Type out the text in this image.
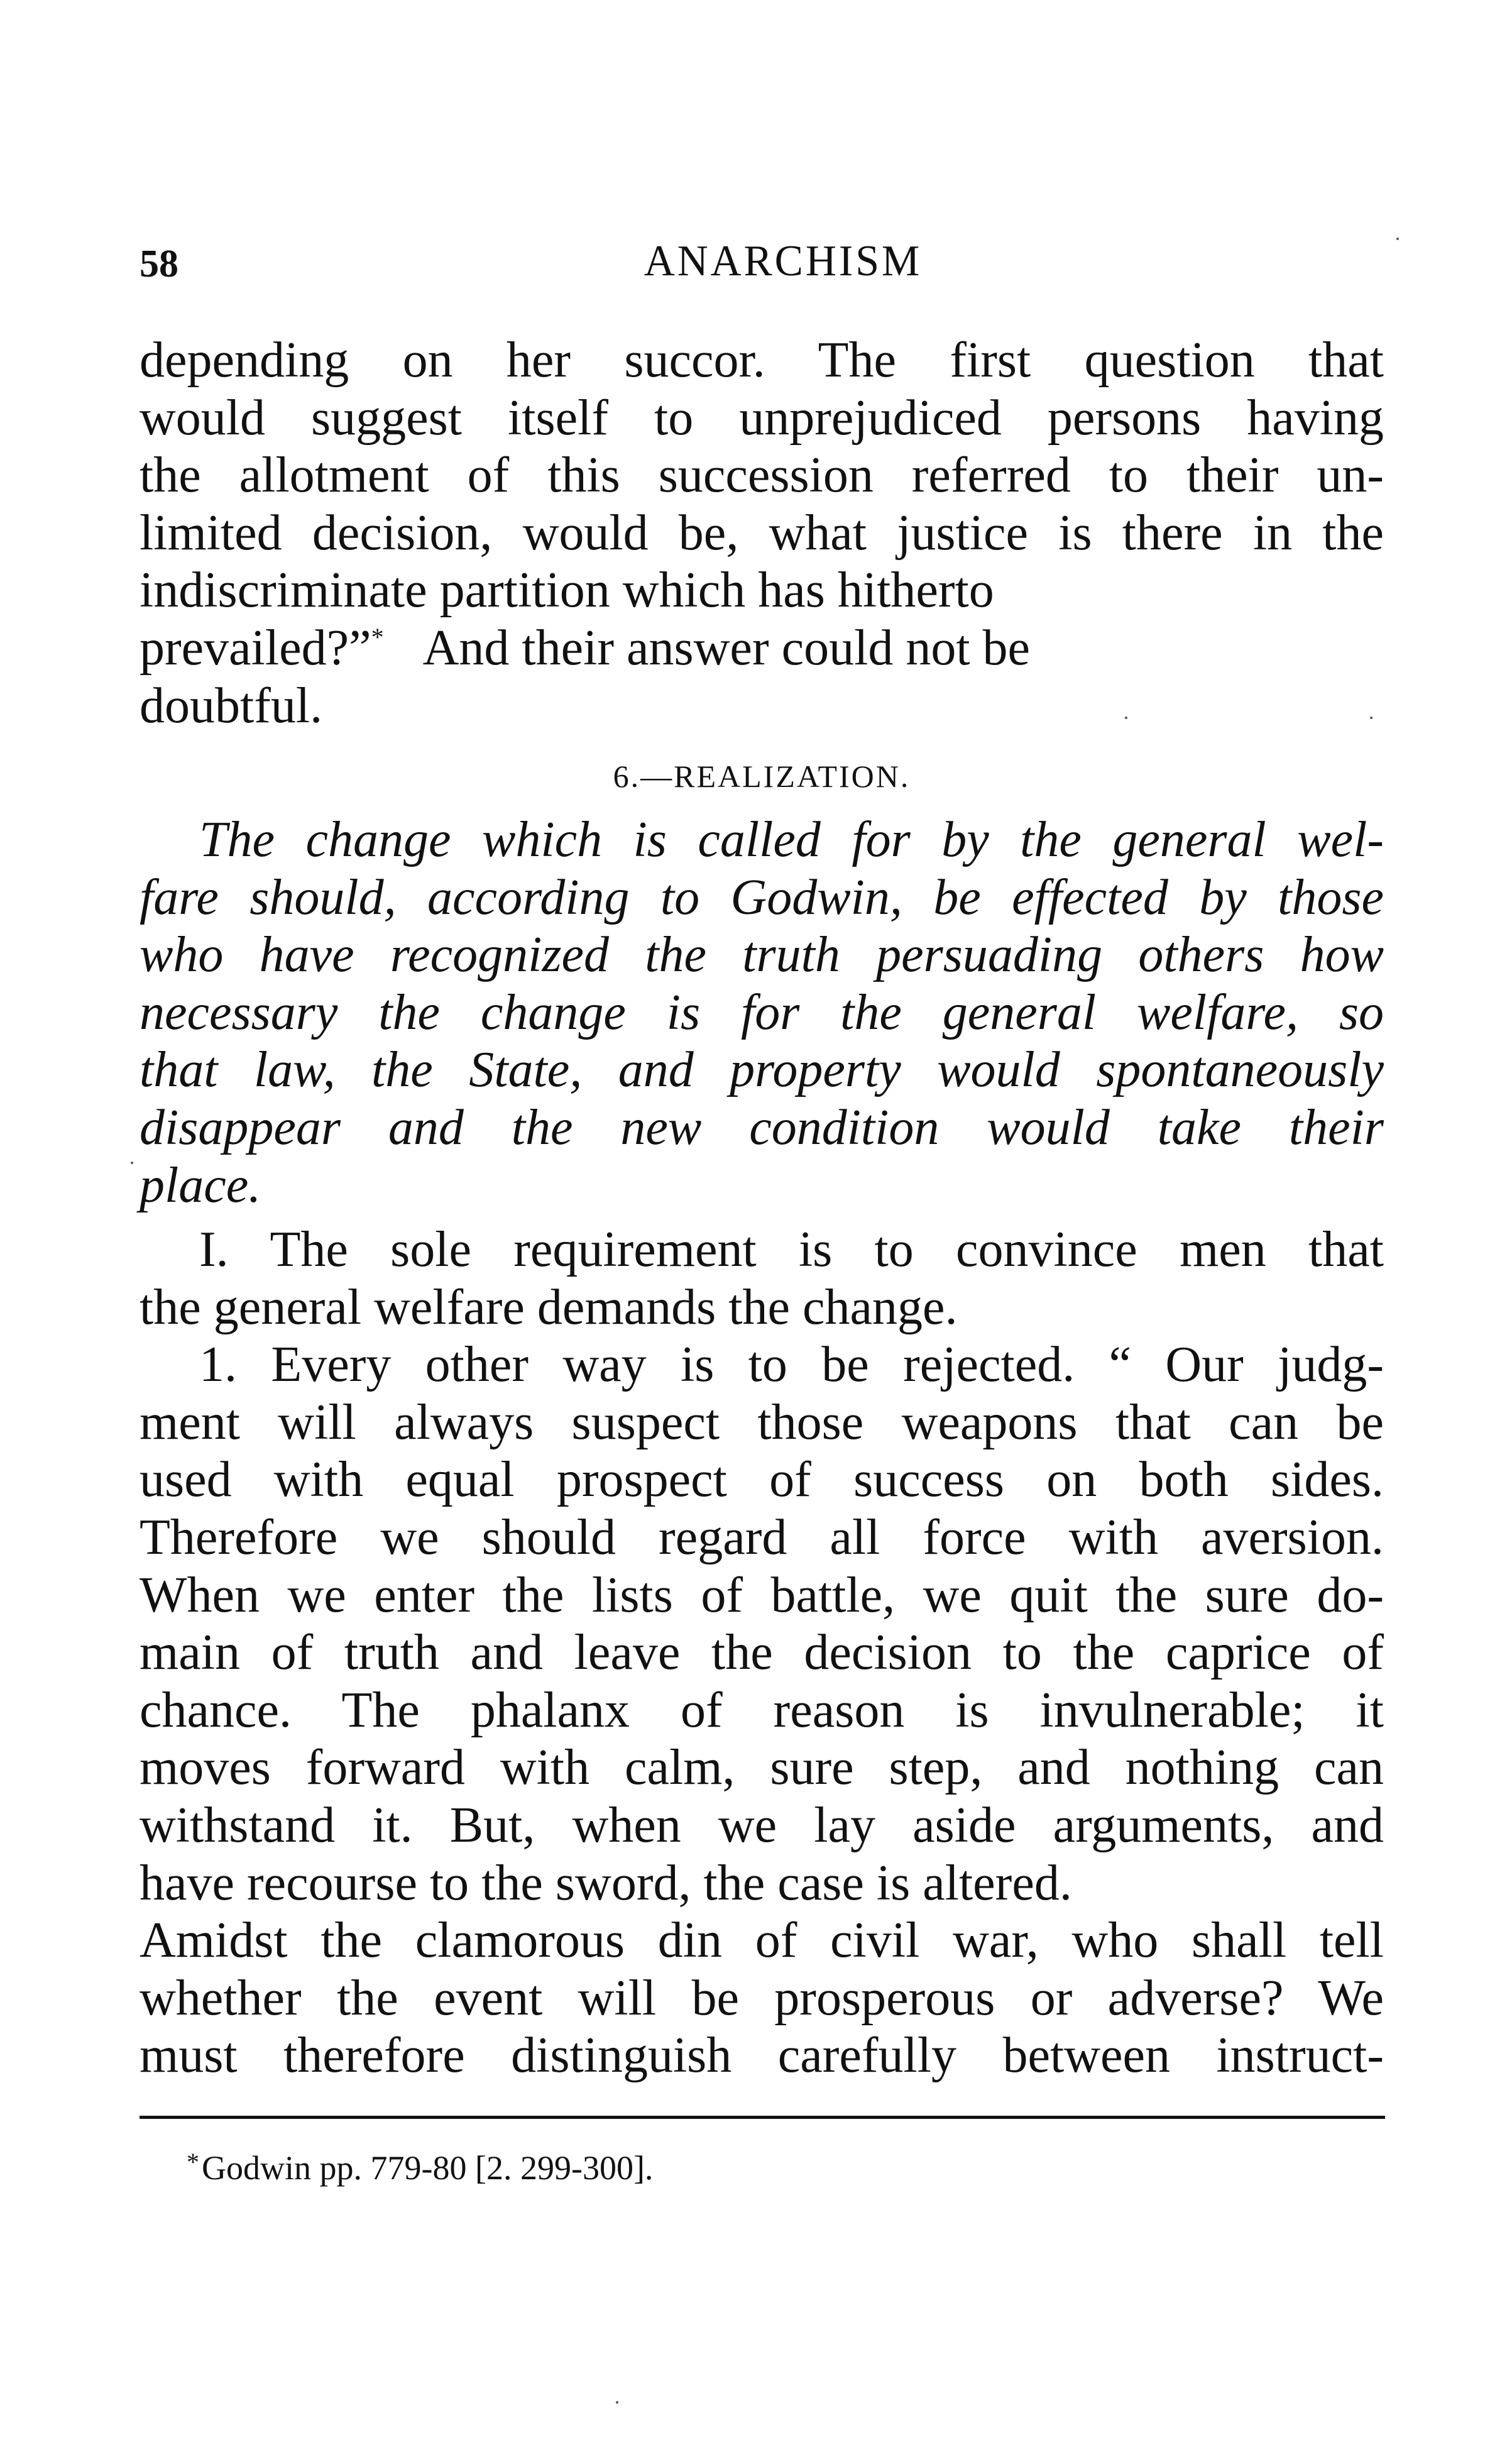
58	ANARCHISM
depending on her succor. The first question that
would suggest itself to unprejudiced persons having
the allotment of this succession referred to their un-
limited decision, would be, what justice is there in the
indiscriminate partition which has hitherto
prevailed?”* And their answer could not be
doubtful.
6.—REALIZATION.
The change which is called for by the general wel-
fare should, according to Godwin, be effected by those
who have recognized the truth persuading others how
necessary the change is for the general welfare, so
that law, the State, and property would spontaneously
disappear and the new condition would take their
place.
I. The sole requirement is to convince men that
the general welfare demands the change.
1. Every other way is to be rejected. “ Our judg-
ment will always suspect those weapons that can be
used with equal prospect of success on both sides.
Therefore we should regard all force with aversion.
When we enter the lists of battle, we quit the sure do-
main of truth and leave the decision to the caprice of
chance. The phalanx of reason is invulnerable; it
moves forward with calm, sure step, and nothing can
withstand it. But, when we lay aside arguments, and
have recourse to the sword, the case is altered.
Amidst the clamorous din of civil war, who shall tell
whether the event will be prosperous or adverse? We
must therefore distinguish carefully between instruct-
*Godwin pp. 779-80 [2. 299-300].
